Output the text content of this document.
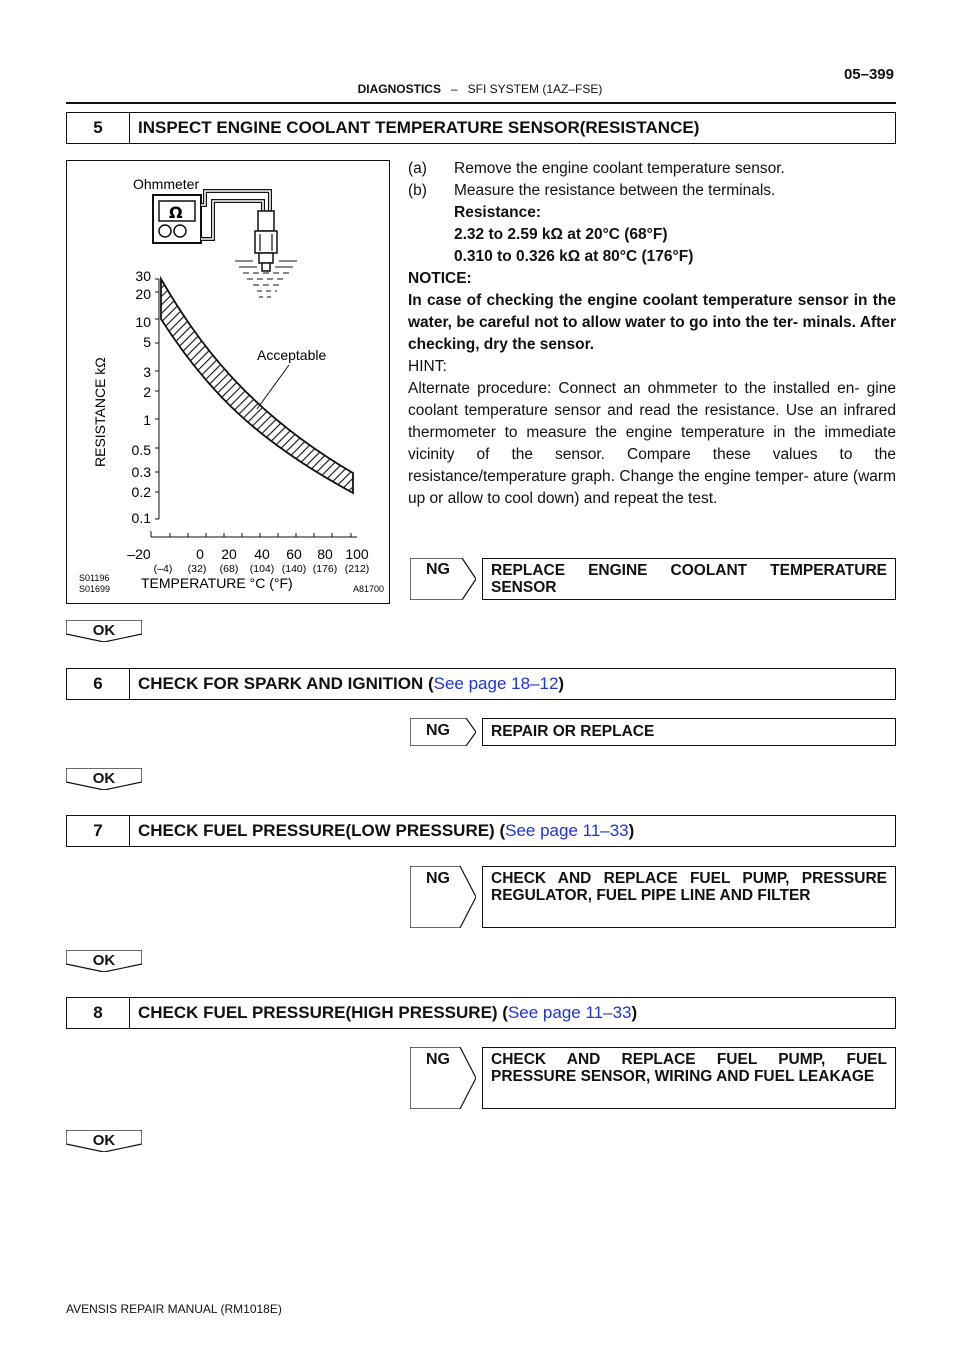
05–399
DIAGNOSTICS – SFI SYSTEM (1AZ–FSE)
5	INSPECT ENGINE COOLANT TEMPERATURE SENSOR(RESISTANCE)
Ohmmeter
Ω
Acceptable
RESISTANCE kΩ
30
20
10
5
3
2
1
0.5
0.3
0.2
0.1
–20	0 20 40 60 80 100
(–4) (32) (68) (104) (140) (176) (212)
TEMPERATURE °C (°F)
S01196
S01699	A81700

(a)	Remove the engine coolant temperature sensor.

(b)	Measure the resistance between the terminals.

Resistance:

2.32 to 2.59 kΩ at 20°C (68°F)

0.310 to 0.326 kΩ at 80°C (176°F)

NOTICE:

In case of checking the engine coolant temperature sensor in the water, be careful not to allow water to go into the ter- minals. After checking, dry the sensor.

HINT:

Alternate procedure: Connect an ohmmeter to the installed en- gine coolant temperature sensor and read the resistance. Use an infrared thermometer to measure the engine temperature in the immediate vicinity of the sensor. Compare these values to the resistance/temperature graph. Change the engine temper- ature (warm up or allow to cool down) and repeat the test.

NG	REPLACE ENGINE COOLANT TEMPERATURE SENSOR
OK
6	CHECK FOR SPARK AND IGNITION (See page 18–12)
NG	REPAIR OR REPLACE
OK
7	CHECK FUEL PRESSURE(LOW PRESSURE) (See page 11–33)
NG	CHECK AND REPLACE FUEL PUMP, PRESSURE REGULATOR, FUEL PIPE LINE AND FILTER
OK
8	CHECK FUEL PRESSURE(HIGH PRESSURE) (See page 11–33)
NG	CHECK AND REPLACE FUEL PUMP, FUEL PRESSURE SENSOR, WIRING AND FUEL LEAKAGE
OK
AVENSIS REPAIR MANUAL (RM1018E)
